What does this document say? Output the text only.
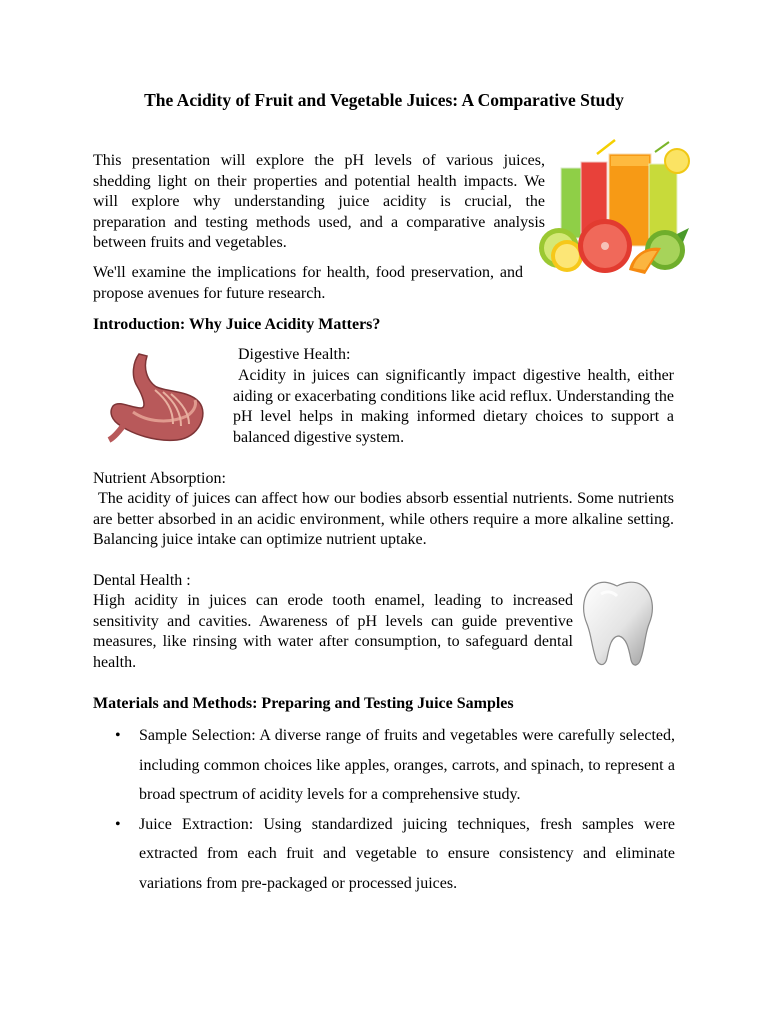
The Acidity of Fruit and Vegetable Juices: A Comparative Study

This presentation will explore the pH levels of various juices, shedding light on their properties and potential health impacts. We will explore why understanding juice acidity is crucial, the preparation and testing methods used, and a comparative analysis between fruits and vegetables.

We'll examine the implications for health, food preservation, and propose avenues for future research.

Introduction: Why Juice Acidity Matters?
Digestive Health:

Acidity in juices can significantly impact digestive health, either aiding or exacerbating conditions like acid reflux. Understanding the pH level helps in making informed dietary choices to support a balanced digestive system.

Nutrient Absorption:

The acidity of juices can affect how our bodies absorb essential nutrients. Some nutrients are better absorbed in an acidic environment, while others require a more alkaline setting. Balancing juice intake can optimize nutrient uptake.

Dental Health :

High acidity in juices can erode tooth enamel, leading to increased sensitivity and cavities. Awareness of pH levels can guide preventive measures, like rinsing with water after consumption, to safeguard dental health.

Materials and Methods: Preparing and Testing Juice Samples
• Sample Selection: A diverse range of fruits and vegetables were carefully selected, including common choices like apples, oranges, carrots, and spinach, to represent a broad spectrum of acidity levels for a comprehensive study.
• Juice Extraction: Using standardized juicing techniques, fresh samples were extracted from each fruit and vegetable to ensure consistency and eliminate variations from pre-packaged or processed juices.
